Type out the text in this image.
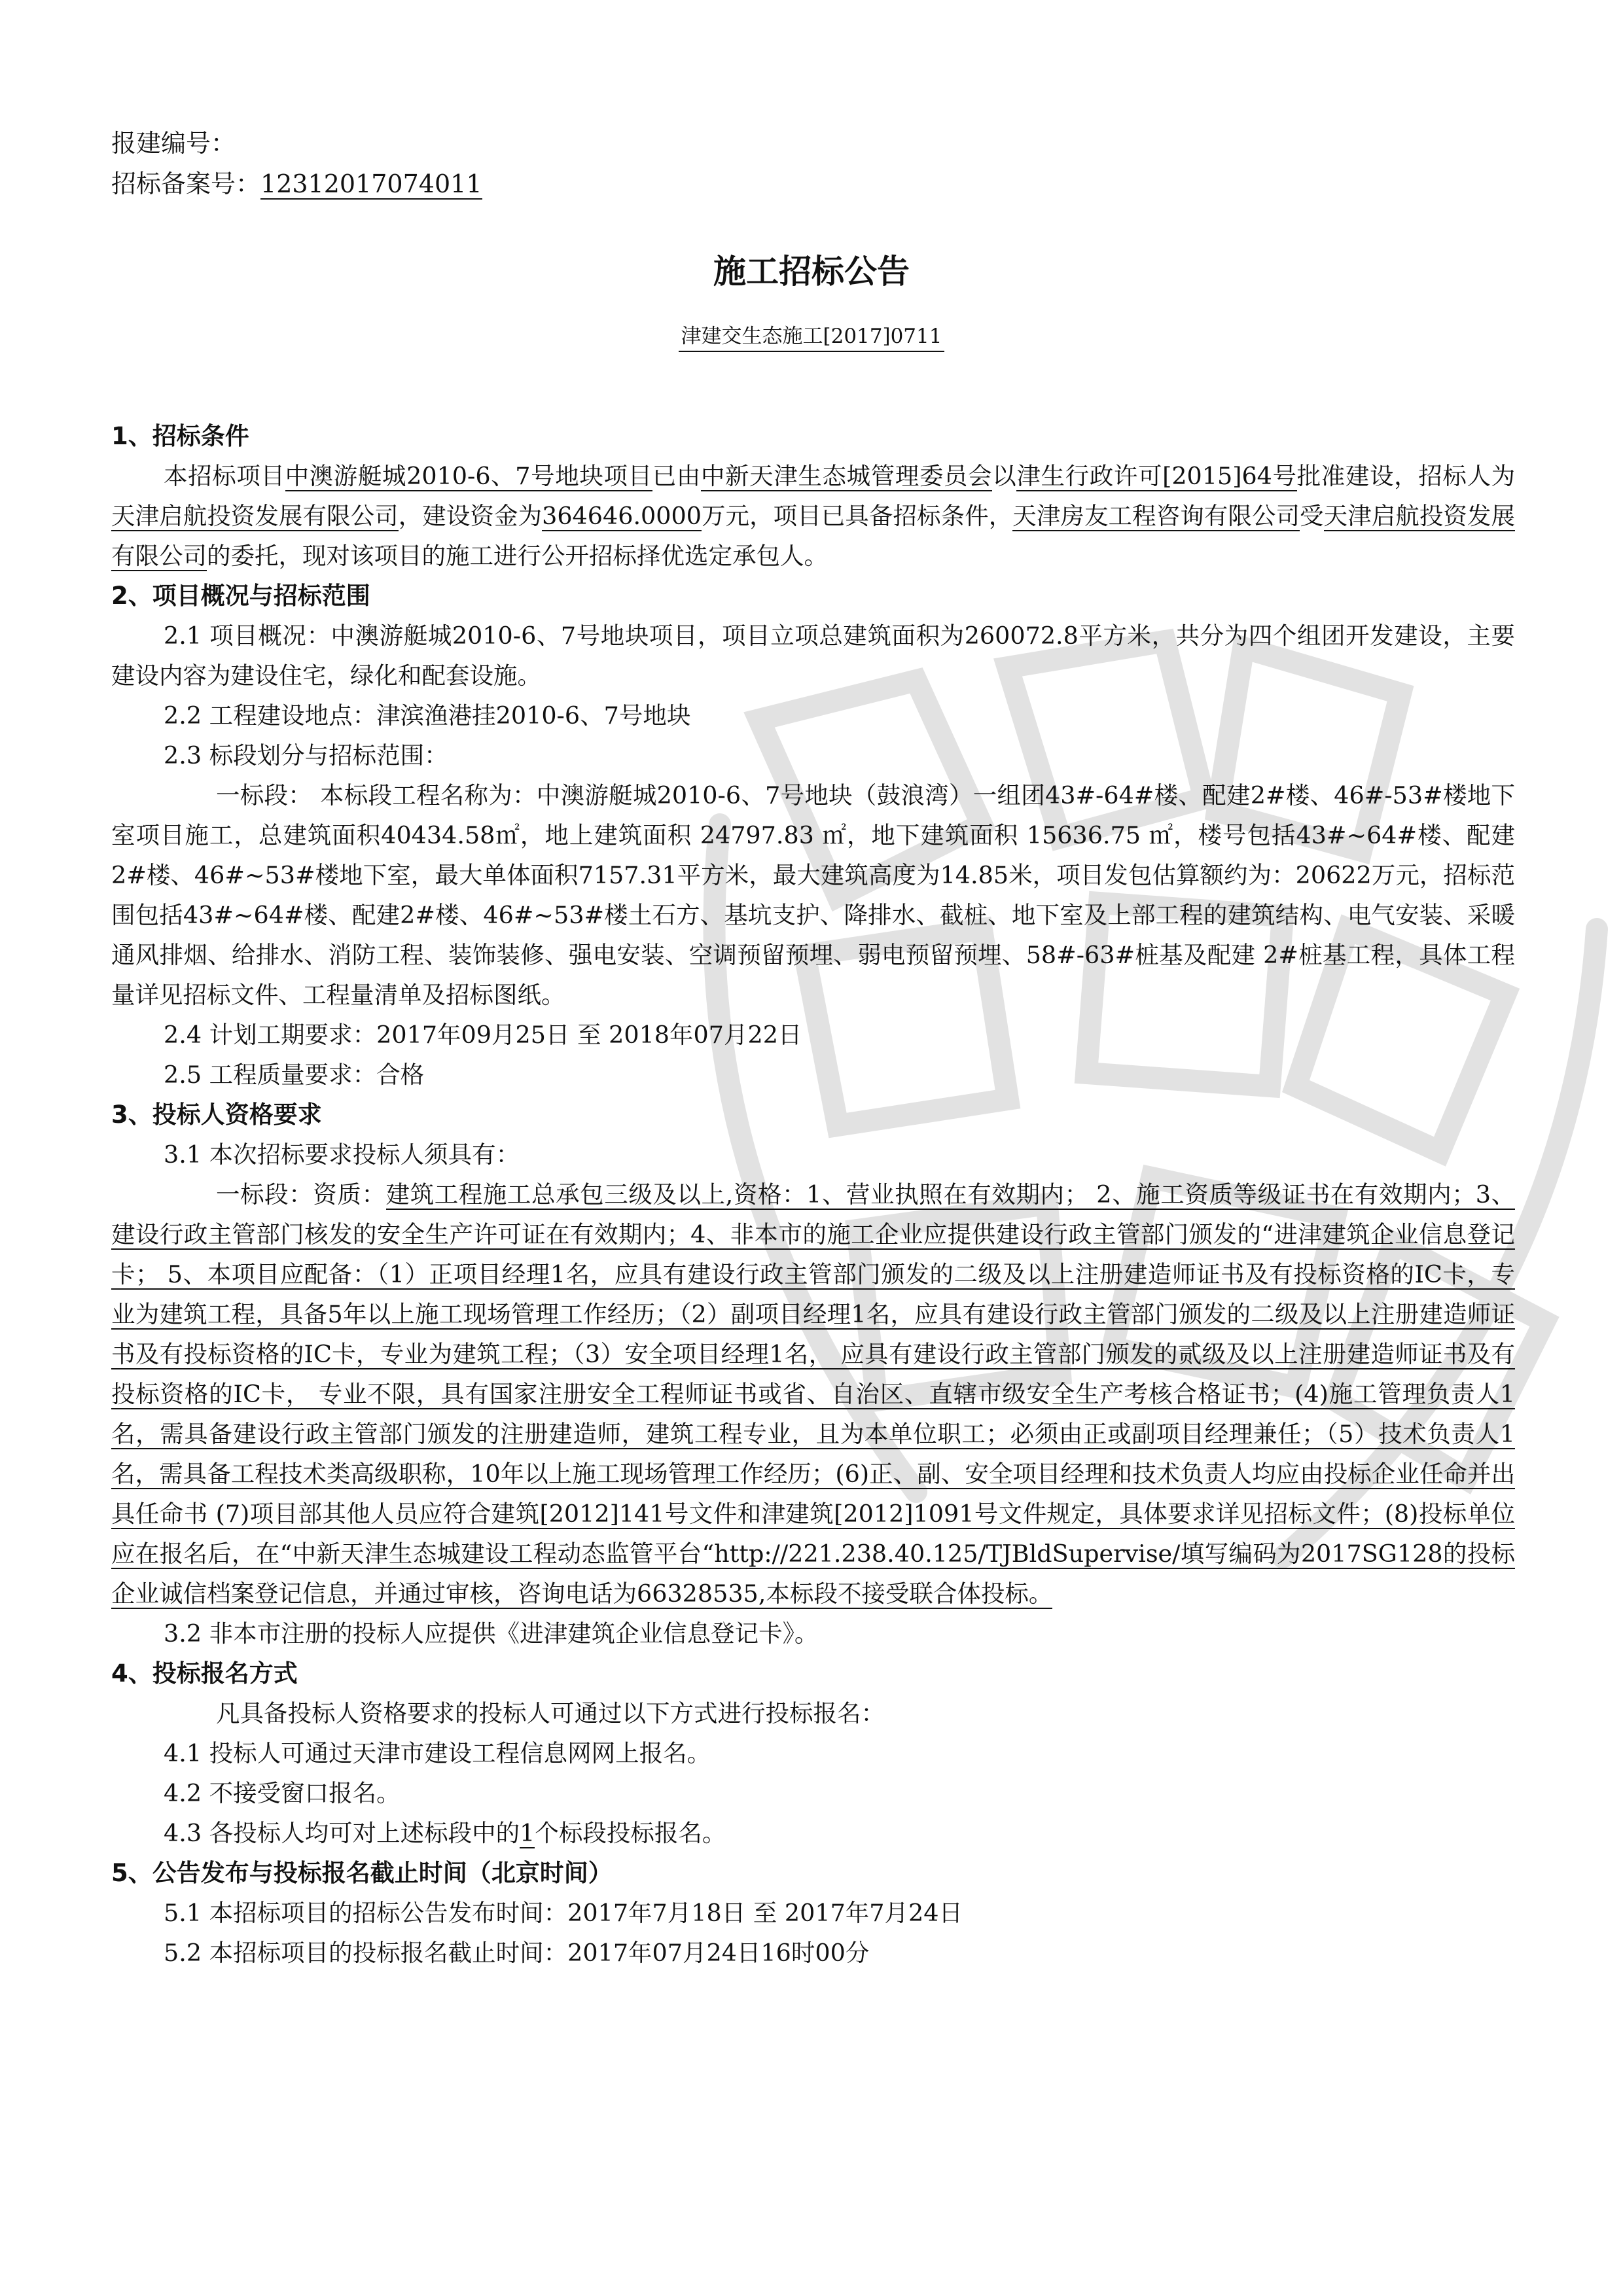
报建编号：
招标备案号：12312017074011
施工招标公告
津建交生态施工[2017]0711

1、招标条件

本招标项目中澳游艇城2010-6、7号地块项目已由中新天津生态城管理委员会以津生行政许可[2015]64号批准建设，招标人为天津启航投资发展有限公司，建设资金为364646.0000万元，项目已具备招标条件，天津房友工程咨询有限公司受天津启航投资发展有限公司的委托，现对该项目的施工进行公开招标择优选定承包人。

2、项目概况与招标范围

2.1 项目概况：中澳游艇城2010-6、7号地块项目，项目立项总建筑面积为260072.8平方米，共分为四个组团开发建设，主要建设内容为建设住宅，绿化和配套设施。

2.2 工程建设地点：津滨渔港挂2010-6、7号地块

2.3 标段划分与招标范围：

一标段： 本标段工程名称为：中澳游艇城2010-6、7号地块（鼓浪湾）一组团43#-64#楼、配建2#楼、46#-53#楼地下室项目施工，总建筑面积40434.58㎡，地上建筑面积 24797.83 ㎡，地下建筑面积 15636.75 ㎡，楼号包括43#~64#楼、配建2#楼、46#~53#楼地下室，最大单体面积7157.31平方米，最大建筑高度为14.85米，项目发包估算额约为：20622万元，招标范围包括43#~64#楼、配建2#楼、46#~53#楼土石方、基坑支护、降排水、截桩、地下室及上部工程的建筑结构、电气安装、采暖通风排烟、给排水、消防工程、装饰装修、强电安装、空调预留预埋、弱电预留预埋、58#-63#桩基及配建 2#桩基工程，具体工程量详见招标文件、工程量清单及招标图纸。

2.4 计划工期要求：2017年09月25日 至 2018年07月22日

2.5 工程质量要求：合格

3、投标人资格要求

3.1 本次招标要求投标人须具有：

一标段：资质：建筑工程施工总承包三级及以上,资格：1、营业执照在有效期内； 2、施工资质等级证书在有效期内；3、建设行政主管部门核发的安全生产许可证在有效期内；4、非本市的施工企业应提供建设行政主管部门颁发的“进津建筑企业信息登记卡； 5、本项目应配备：（1）正项目经理1名，应具有建设行政主管部门颁发的二级及以上注册建造师证书及有投标资格的IC卡，专业为建筑工程，具备5年以上施工现场管理工作经历；（2）副项目经理1名，应具有建设行政主管部门颁发的二级及以上注册建造师证书及有投标资格的IC卡，专业为建筑工程；（3）安全项目经理1名， 应具有建设行政主管部门颁发的贰级及以上注册建造师证书及有投标资格的IC卡， 专业不限，具有国家注册安全工程师证书或省、自治区、直辖市级安全生产考核合格证书；(4)施工管理负责人1名，需具备建设行政主管部门颁发的注册建造师，建筑工程专业，且为本单位职工；必须由正或副项目经理兼任；（5）技术负责人1名，需具备工程技术类高级职称，10年以上施工现场管理工作经历；(6)正、副、安全项目经理和技术负责人均应由投标企业任命并出具任命书 (7)项目部其他人员应符合建筑[2012]141号文件和津建筑[2012]1091号文件规定，具体要求详见招标文件；(8)投标单位应在报名后，在“中新天津生态城建设工程动态监管平台“http://221.238.40.125/TJBldSupervise/填写编码为2017SG128的投标企业诚信档案登记信息，并通过审核，咨询电话为66328535,本标段不接受联合体投标。

3.2 非本市注册的投标人应提供《进津建筑企业信息登记卡》。

4、投标报名方式

凡具备投标人资格要求的投标人可通过以下方式进行投标报名：

4.1 投标人可通过天津市建设工程信息网网上报名。

4.2 不接受窗口报名。

4.3 各投标人均可对上述标段中的1个标段投标报名。

5、公告发布与投标报名截止时间（北京时间）

5.1 本招标项目的招标公告发布时间：2017年7月18日 至 2017年7月24日

5.2 本招标项目的投标报名截止时间：2017年07月24日16时00分
